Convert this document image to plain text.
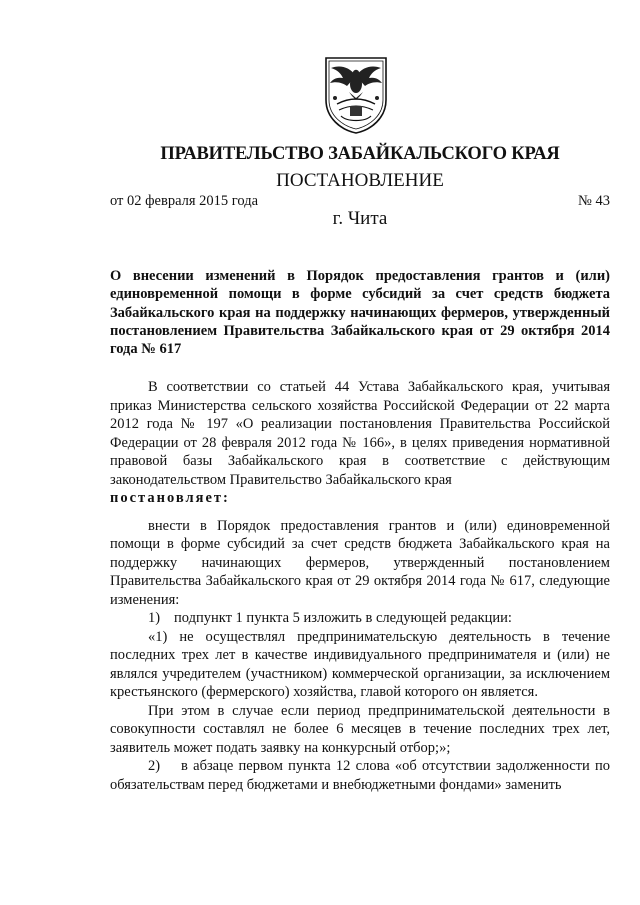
ПРАВИТЕЛЬСТВО ЗАБАЙКАЛЬСКОГО КРАЯ
ПОСТАНОВЛЕНИЕ
от 02 февраля 2015 года	№ 43
г. Чита
О внесении изменений в Порядок предоставления грантов и (или) единовременной помощи в форме субсидий за счет средств бюджета Забайкальского края на поддержку начинающих фермеров, утвержденный постановлением Правительства Забайкальского края от 29 октября 2014 года № 617

В соответствии со статьей 44 Устава Забайкальского края, учитывая приказ Министерства сельского хозяйства Российской Федерации от 22 марта 2012 года № 197 «О реализации постановления Правительства Российской Федерации от 28 февраля 2012 года № 166», в целях приведения нормативной правовой базы Забайкальского края в соответствие с действующим законодательством Правительство Забайкальского края

постановляет:

внести в Порядок предоставления грантов и (или) единовременной помощи в форме субсидий за счет средств бюджета Забайкальского края на поддержку начинающих фермеров, утвержденный постановлением Правительства Забайкальского края от 29 октября 2014 года № 617, следующие изменения:

1) подпункт 1 пункта 5 изложить в следующей редакции:

«1) не осуществлял предпринимательскую деятельность в течение последних трех лет в качестве индивидуального предпринимателя и (или) не являлся учредителем (участником) коммерческой организации, за исключением крестьянского (фермерского) хозяйства, главой которого он является.

При этом в случае если период предпринимательской деятельности в совокупности составлял не более 6 месяцев в течение последних трех лет, заявитель может подать заявку на конкурсный отбор;»;

2) в абзаце первом пункта 12 слова «об отсутствии задолженности по обязательствам перед бюджетами и внебюджетными фондами» заменить
